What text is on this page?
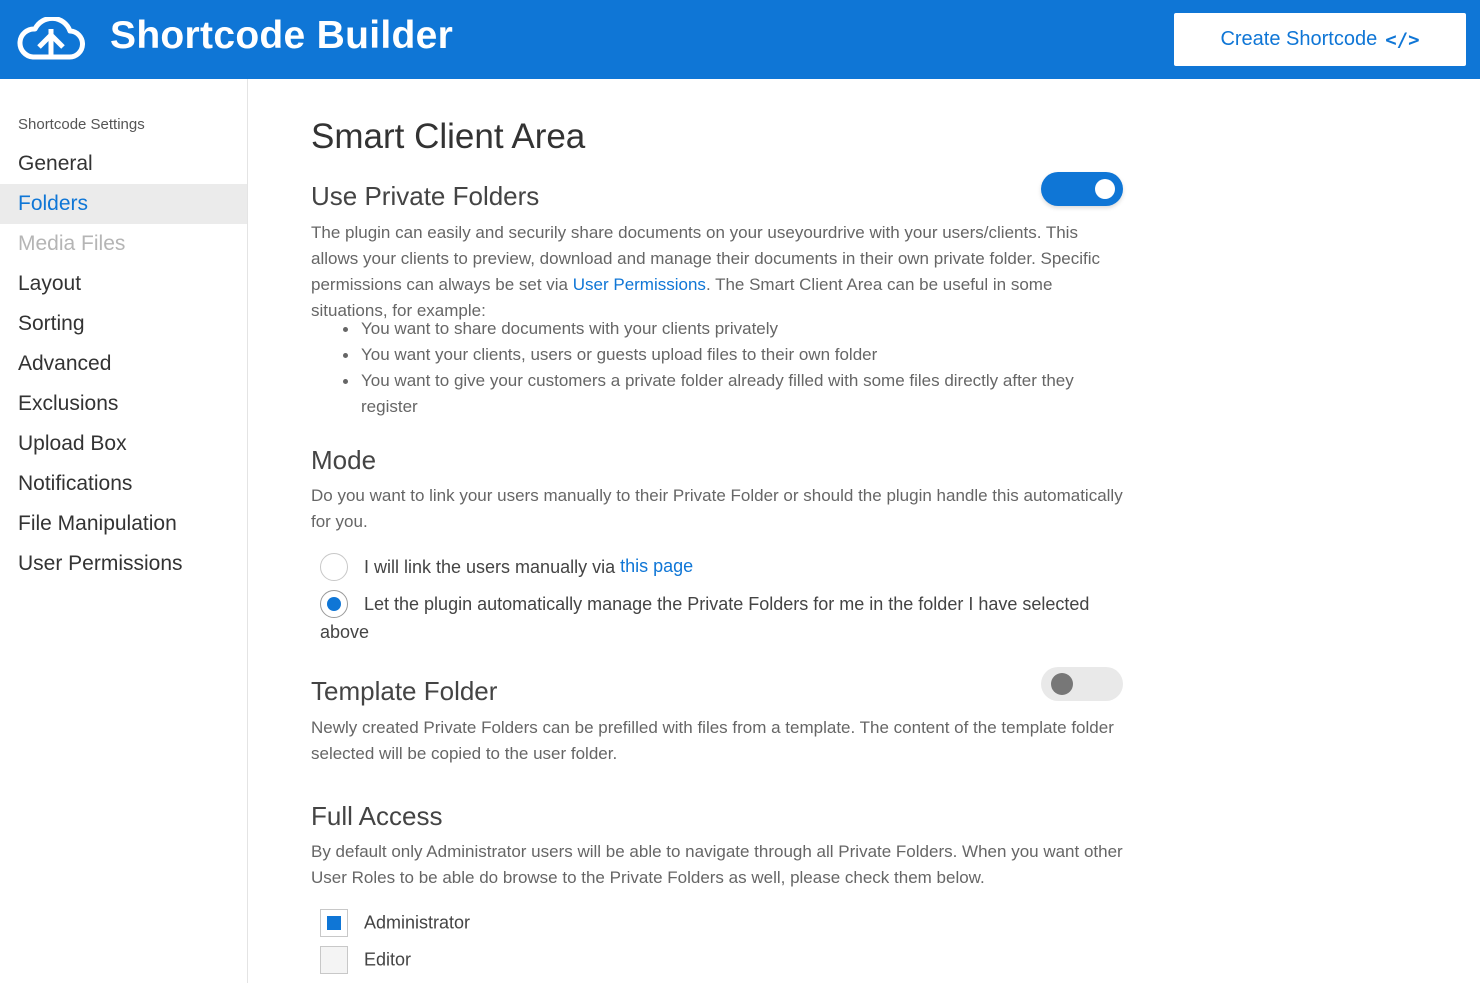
Shortcode Builder	Create Shortcode </>
Shortcode Settings
General
Folders
Media Files
Layout
Sorting
Advanced
Exclusions
Upload Box
Notifications
File Manipulation
User Permissions
Smart Client Area
Use Private Folders
The plugin can easily and securily share documents on your useyourdrive with your users/clients. This allows your clients to preview, download and manage their documents in their own private folder. Specific permissions can always be set via User Permissions. The Smart Client Area can be useful in some situations, for example:
You want to share documents with your clients privately
You want your clients, users or guests upload files to their own folder
You want to give your customers a private folder already filled with some files directly after they register
Mode
Do you want to link your users manually to their Private Folder or should the plugin handle this automatically for you.
I will link the users manually via this page
Let the plugin automatically manage the Private Folders for me in the folder I have selected above
Template Folder
Newly created Private Folders can be prefilled with files from a template. The content of the template folder selected will be copied to the user folder.
Full Access
By default only Administrator users will be able to navigate through all Private Folders. When you want other User Roles to be able do browse to the Private Folders as well, please check them below.
Administrator
Editor
